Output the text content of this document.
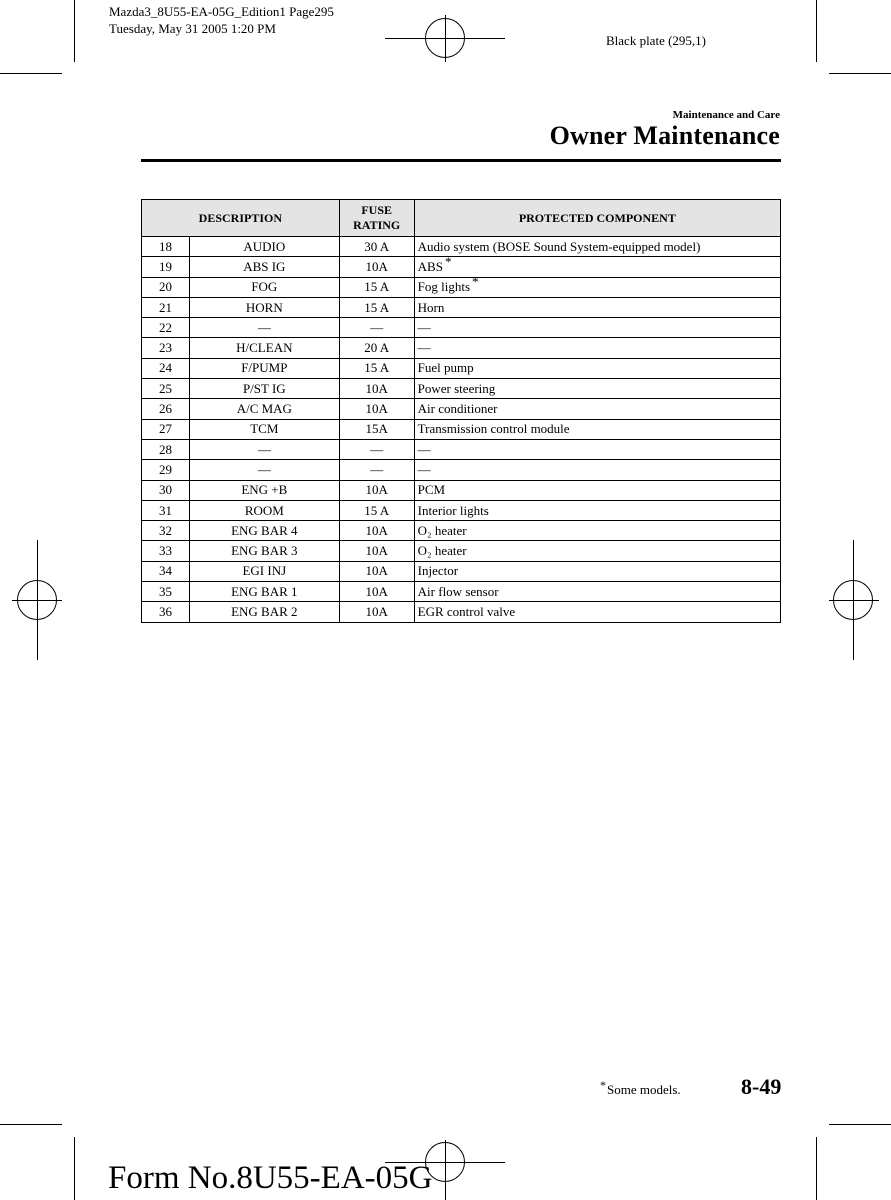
Mazda3_8U55-EA-05G_Edition1 Page295
Tuesday, May 31 2005 1:20 PM
Black plate (295,1)
Maintenance and Care
Owner Maintenance
DESCRIPTION		FUSE RATING	PROTECTED COMPONENT
18	AUDIO	30 A	Audio system (BOSE Sound System-equipped model)
19	ABS IG	10A	ABS *
20	FOG	15 A	Fog lights *
21	HORN	15 A	Horn
22	—	—	—
23	H/CLEAN	20 A	—
24	F/PUMP	15 A	Fuel pump
25	P/ST IG	10A	Power steering
26	A/C MAG	10A	Air conditioner
27	TCM	15A	Transmission control module
28	—	—	—
29	—	—	—
30	ENG +B	10A	PCM
31	ROOM	15 A	Interior lights
32	ENG BAR 4	10A	O₂ heater
33	ENG BAR 3	10A	O₂ heater
34	EGI INJ	10A	Injector
35	ENG BAR 1	10A	Air flow sensor
36	ENG BAR 2	10A	EGR control valve
*Some models.	8-49
Form No.8U55-EA-05G
